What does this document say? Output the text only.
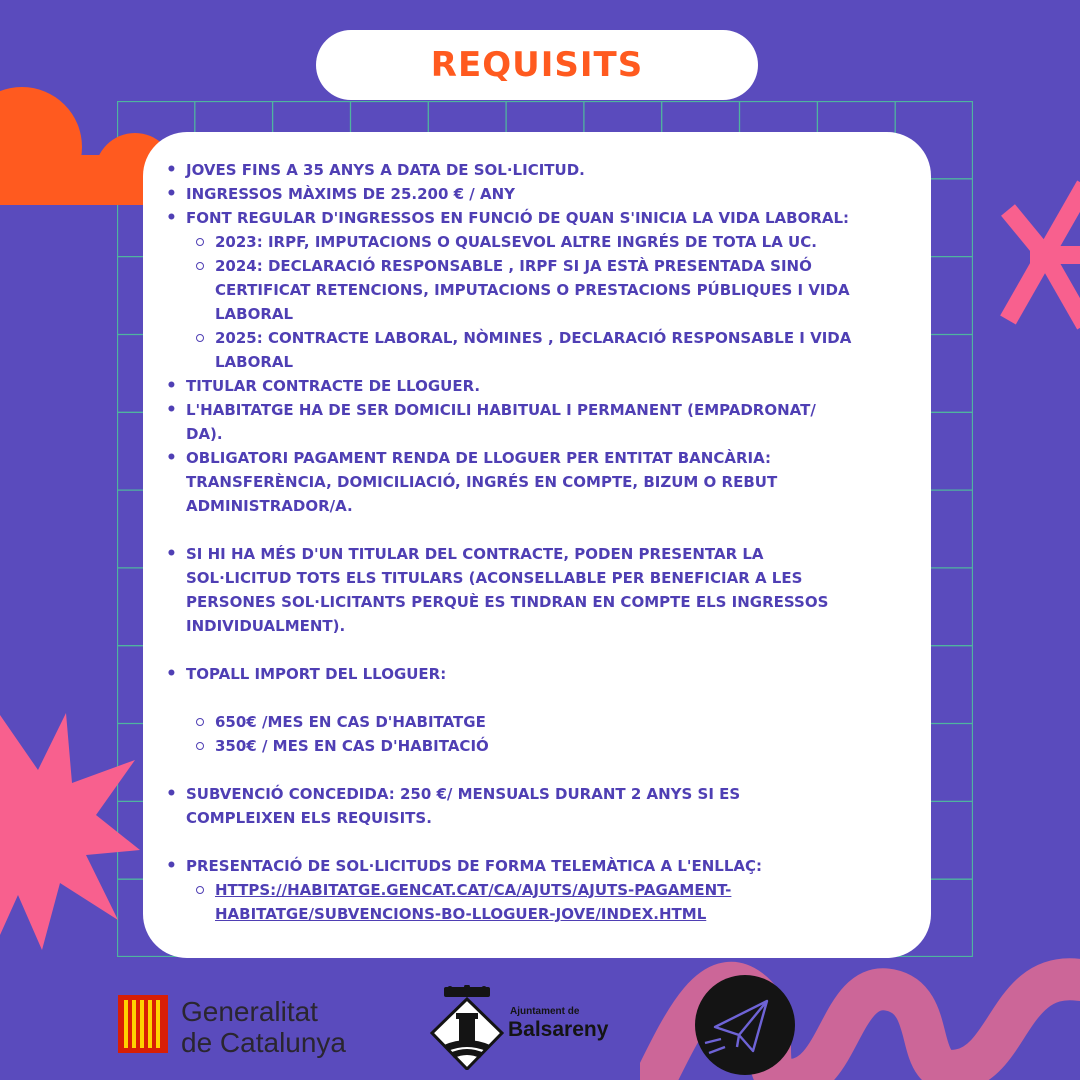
REQUISITS
• JOVES FINS A 35 ANYS A DATA DE SOL·LICITUD.
• INGRESSOS MÀXIMS DE 25.200 € / ANY
• FONT REGULAR D'INGRESSOS EN FUNCIÓ DE QUAN S'INICIA LA VIDA LABORAL:
2023: IRPF, IMPUTACIONS O QUALSEVOL ALTRE INGRÉS DE TOTA LA UC.
2024: DECLARACIÓ RESPONSABLE , IRPF SI JA ESTÀ PRESENTADA SINÓ
CERTIFICAT RETENCIONS, IMPUTACIONS O PRESTACIONS PÚBLIQUES I VIDA
LABORAL
2025: CONTRACTE LABORAL, NÒMINES , DECLARACIÓ RESPONSABLE I VIDA
LABORAL
• TITULAR CONTRACTE DE LLOGUER.
• L'HABITATGE HA DE SER DOMICILI HABITUAL I PERMANENT (EMPADRONAT/
DA).
• OBLIGATORI PAGAMENT RENDA DE LLOGUER PER ENTITAT BANCÀRIA:
TRANSFERÈNCIA, DOMICILIACIÓ, INGRÉS EN COMPTE, BIZUM O REBUT
ADMINISTRADOR/A.
• SI HI HA MÉS D'UN TITULAR DEL CONTRACTE, PODEN PRESENTAR LA
SOL·LICITUD TOTS ELS TITULARS (ACONSELLABLE PER BENEFICIAR A LES
PERSONES SOL·LICITANTS PERQUÈ ES TINDRAN EN COMPTE ELS INGRESSOS
INDIVIDUALMENT).
• TOPALL IMPORT DEL LLOGUER:
650€ /MES EN CAS D'HABITATGE
350€ / MES EN CAS D'HABITACIÓ
• SUBVENCIÓ CONCEDIDA: 250 €/ MENSUALS DURANT 2 ANYS SI ES
COMPLEIXEN ELS REQUISITS.
• PRESENTACIÓ DE SOL·LICITUDS DE FORMA TELEMÀTICA A L'ENLLAÇ:
HTTPS://HABITATGE.GENCAT.CAT/CA/AJUTS/AJUTS-PAGAMENT-
HABITATGE/SUBVENCIONS-BO-LLOGUER-JOVE/INDEX.HTML
Generalitat
de Catalunya
Ajuntament de
Balsareny
